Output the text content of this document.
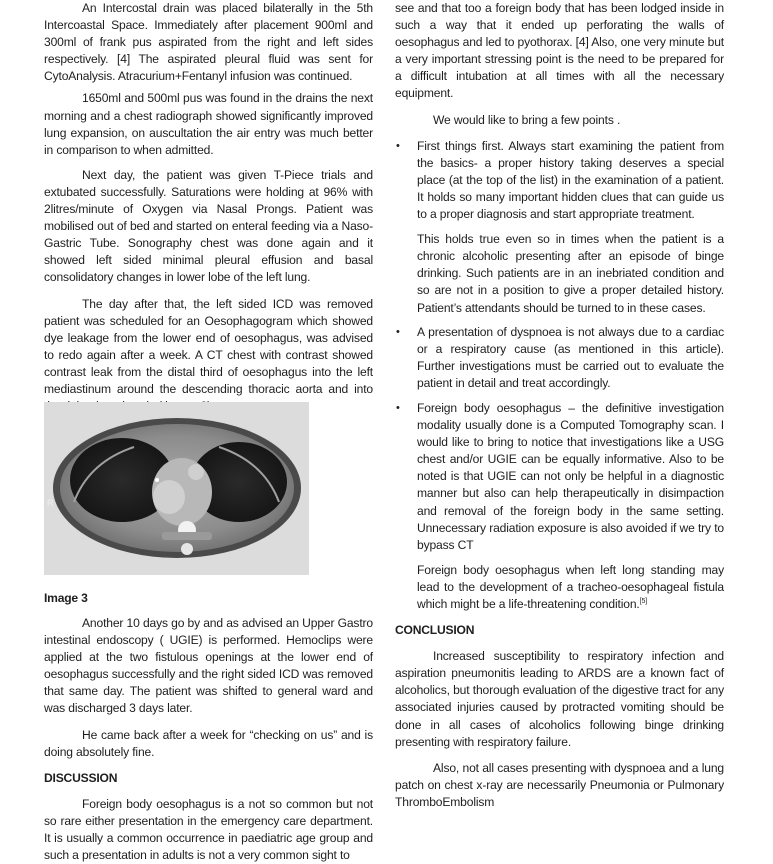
An Intercostal drain was placed bilaterally in the 5th Intercoastal Space. Immediately after placement 900ml and 300ml of frank pus aspirated from the right and left sides respectively. [4] The aspirated pleural fluid was sent for CytoAnalysis. Atracurium+Fentanyl infusion was continued.

1650ml and 500ml pus was found in the drains the next morning and a chest radiograph showed significantly improved lung expansion, on auscultation the air entry was much better in comparison to when admitted.

Next day, the patient was given T-Piece trials and extubated successfully. Saturations were holding at 96% with 2litres/minute of Oxygen via Nasal Prongs. Patient was mobilised out of bed and started on enteral feeding via a Naso-Gastric Tube. Sonography chest was done again and it showed left sided minimal pleural effusion and basal consolidatory changes in lower lobe of the left lung.

The day after that, the left sided ICD was removed patient was scheduled for an Oesophagogram which showed dye leakage from the lower end of oesophagus, was advised to redo again after a week. A CT chest with contrast showed contrast leak from the distal third of oesophagus into the left mediastinum around the descending thoracic aorta and into

R
Image 3

Another 10 days go by and as advised an Upper Gastro intestinal endoscopy ( UGIE) is performed. Hemoclips were applied at the two fistulous openings at the lower end of oesophagus successfully and the right sided ICD was removed that same day. The patient was shifted to general ward and was discharged 3 days later.

He came back after a week for “checking on us” and is doing absolutely fine.

DISCUSSION

Foreign body oesophagus is a not so common but not so rare either presentation in the emergency care department. It is usually a common occurrence in paediatric age group and such a presentation in adults is not a very common sight to

see and that too a foreign body that has been lodged inside in such a way that it ended up perforating the walls of oesophagus and led to pyothorax. [4] Also, one very minute but a very important stressing point is the need to be prepared for a difficult intubation at all times with all the necessary equipment.

We would like to bring a few points .

• First things first. Always start examining the patient from the basics- a proper history taking deserves a special place (at the top of the list) in the examination of a patient. It holds so many important hidden clues that can guide us to a proper diagnosis and start appropriate treatment.

This holds true even so in times when the patient is a chronic alcoholic presenting after an episode of binge drinking. Such patients are in an inebriated condition and so are not in a position to give a proper detailed history. Patient’s attendants should be turned to in these cases.

• A presentation of dyspnoea is not always due to a cardiac or a respiratory cause (as mentioned in this article). Further investigations must be carried out to evaluate the patient in detail and treat accordingly.
• Foreign body oesophagus – the definitive investigation modality usually done is a Computed Tomography scan. I would like to bring to notice that investigations like a USG chest and/or UGIE can be equally informative. Also to be noted is that UGIE can not only be helpful in a diagnostic manner but also can help therapeutically in disimpaction and removal of the foreign body in the same setting. Unnecessary radiation exposure is also avoided if we try to bypass CT

Foreign body oesophagus when left long standing may lead to the development of a tracheo-oesophageal fistula which might be a life-threatening condition.[5]

CONCLUSION

Increased susceptibility to respiratory infection and aspiration pneumonitis leading to ARDS are a known fact of alcoholics, but thorough evaluation of the digestive tract for any associated injuries caused by protracted vomiting should be done in all cases of alcoholics following binge drinking presenting with respiratory failure.

Also, not all cases presenting with dyspnoea and a lung patch on chest x-ray are necessarily Pneumonia or Pulmonary ThromboEmbolism
